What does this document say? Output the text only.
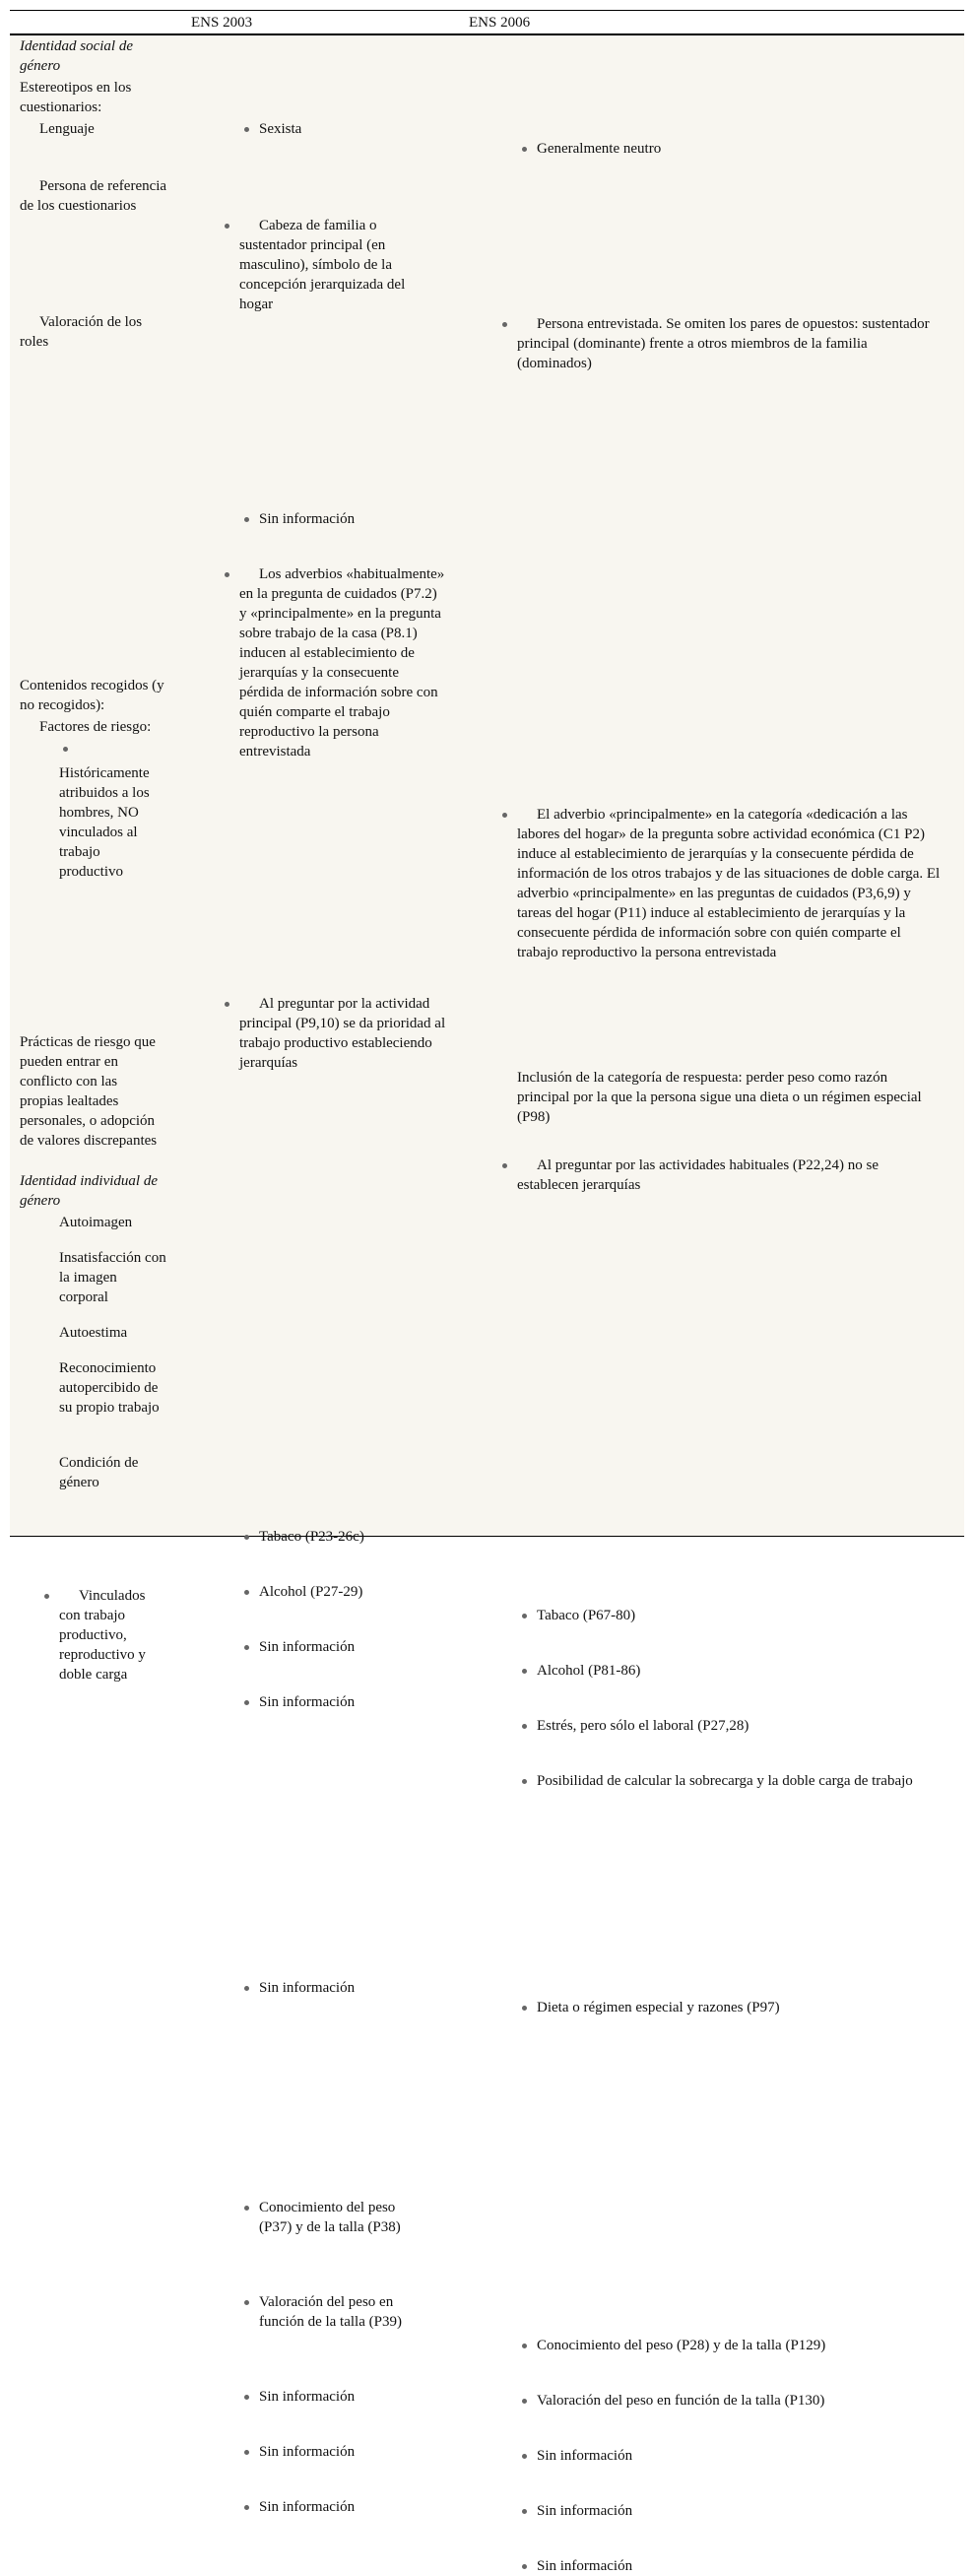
ENS 2003	ENS 2006
Identidad social de género
Estereotipos en los cuestionarios:
Lenguaje	Sexista
Generalmente neutro
Persona de referencia de los cuestionarios
Cabeza de familia o sustentador principal (en masculino), símbolo de la concepción jerarquizada del hogar
Persona entrevistada. Se omiten los pares de opuestos: sustentador principal (dominante) frente a otros miembros de la familia (dominados)
Valoración de los roles
Sin información
Los adverbios «habitualmente» en la pregunta de cuidados (P7.2) y «principalmente» en la pregunta sobre trabajo de la casa (P8.1) inducen al establecimiento de jerarquías y la consecuente pérdida de información sobre con quién comparte el trabajo reproductivo la persona entrevistada
Al preguntar por la actividad principal (P9,10) se da prioridad al trabajo productivo estableciendo jerarquías
El adverbio «principalmente» en la categoría «dedicación a las labores del hogar» de la pregunta sobre actividad económica (C1 P2) induce al establecimiento de jerarquías y la consecuente pérdida de información de los otros trabajos y de las situaciones de doble carga. El adverbio «principalmente» en las preguntas de cuidados (P3,6,9) y tareas del hogar (P11) induce al establecimiento de jerarquías y la consecuente pérdida de información sobre con quién comparte el trabajo reproductivo la persona entrevistada
Al preguntar por las actividades habituales (P22,24) no se establecen jerarquías
Contenidos recogidos (y no recogidos):
Factores de riesgo:
Históricamente atribuidos a los hombres, NO vinculados al trabajo productivo
Vinculados con trabajo productivo, reproductivo y doble carga
Tabaco (P23-26c)
Alcohol (P27-29)
Sin información
Sin información
Tabaco (P67-80)
Alcohol (P81-86)
Estrés, pero sólo el laboral (P27,28)
Posibilidad de calcular la sobrecarga y la doble carga de trabajo
Prácticas de riesgo que pueden entrar en conflicto con las propias lealtades personales, o adopción de valores discrepantes
Sin información
Dieta o régimen especial y razones (P97)
Inclusión de la categoría de respuesta: perder peso como razón principal por la que la persona sigue una dieta o un régimen especial (P98)
Identidad individual de género
Autoimagen
Insatisfacción con la imagen corporal
Autoestima
Reconocimiento autopercibido de su propio trabajo
Condición de género
Conocimiento del peso (P37) y de la talla (P38)
Valoración del peso en función de la talla (P39)
Sin información
Sin información
Sin información
Conocimiento del peso (P28) y de la talla (P129)
Valoración del peso en función de la talla (P130)
Sin información
Sin información
Sin información
